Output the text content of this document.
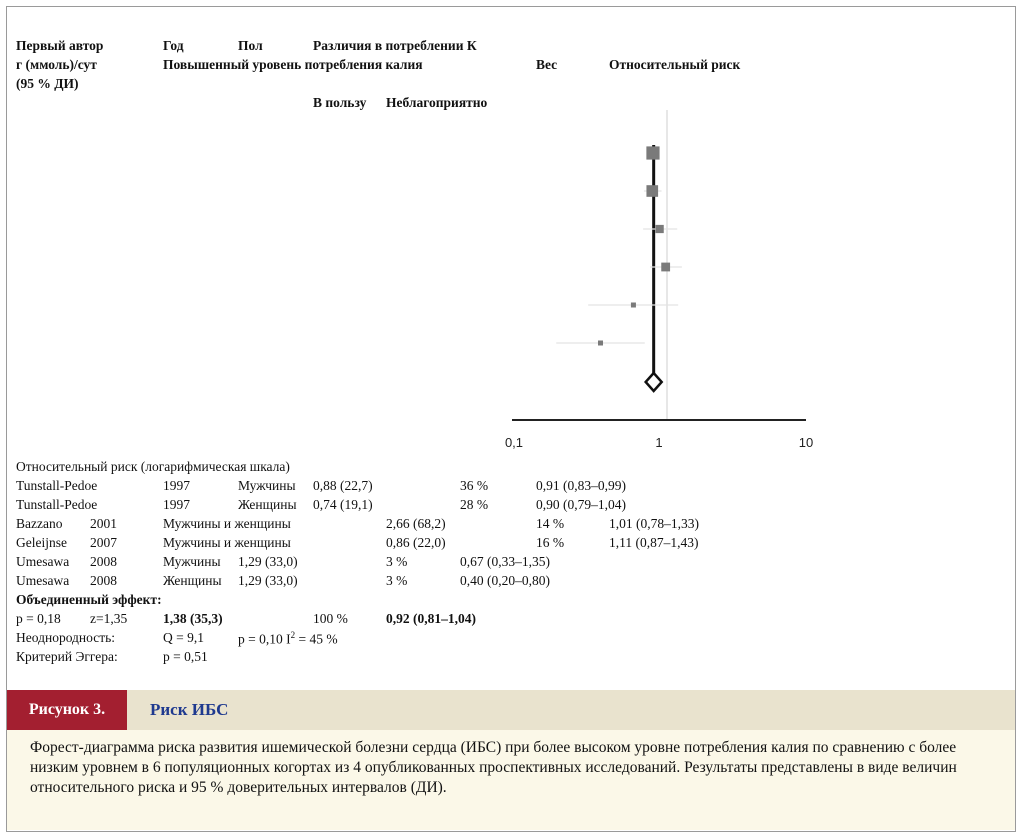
Первый автор
г (ммоль)/сут
(95 % ДИ)
Год	Пол	Различия в потреблении К
Повышенный уровень потребления калия	Вес	Относительный риск
В пользу Неблагоприятно
0,1	1	10
Относительный риск (логарифмическая шкала)
Tunstall-Pedoe	1997	Мужчины 0,88 (22,7)	36 %	0,91 (0,83–0,99)
Tunstall-Pedoe	1997	Женщины 0,74 (19,1)	28 %	0,90 (0,79–1,04)
Bazzano 2001	Мужчины и женщины	2,66 (68,2)	14 %	1,01 (0,78–1,33)
Geleijnse 2007	Мужчины и женщины	0,86 (22,0)	16 %	1,11 (0,87–1,43)
Umesawa 2008	Мужчины 1,29 (33,0)	3 %	0,67 (0,33–1,35)
Umesawa 2008	Женщины 1,29 (33,0)	3 %	0,40 (0,20–0,80)
Объединенный эффект:
p = 0,18 z=1,35	1,38 (35,3)	100 %	0,92 (0,81–1,04)
Неоднородность:	Q = 9,1	p = 0,10 $I^2 = 45$ %
Критерий Эггера:	p = 0,51
Рисунок 3.	Риск ИБС
Форест-диаграмма риска развития ишемической болезни сердца (ИБС) при более высоком уровне потребления калия по сравнению с более низким уровнем в 6 популяционных когортах из 4 опубликованных проспективных исследований. Результаты представлены в виде величин относительного риска и 95 % доверительных интервалов (ДИ).
